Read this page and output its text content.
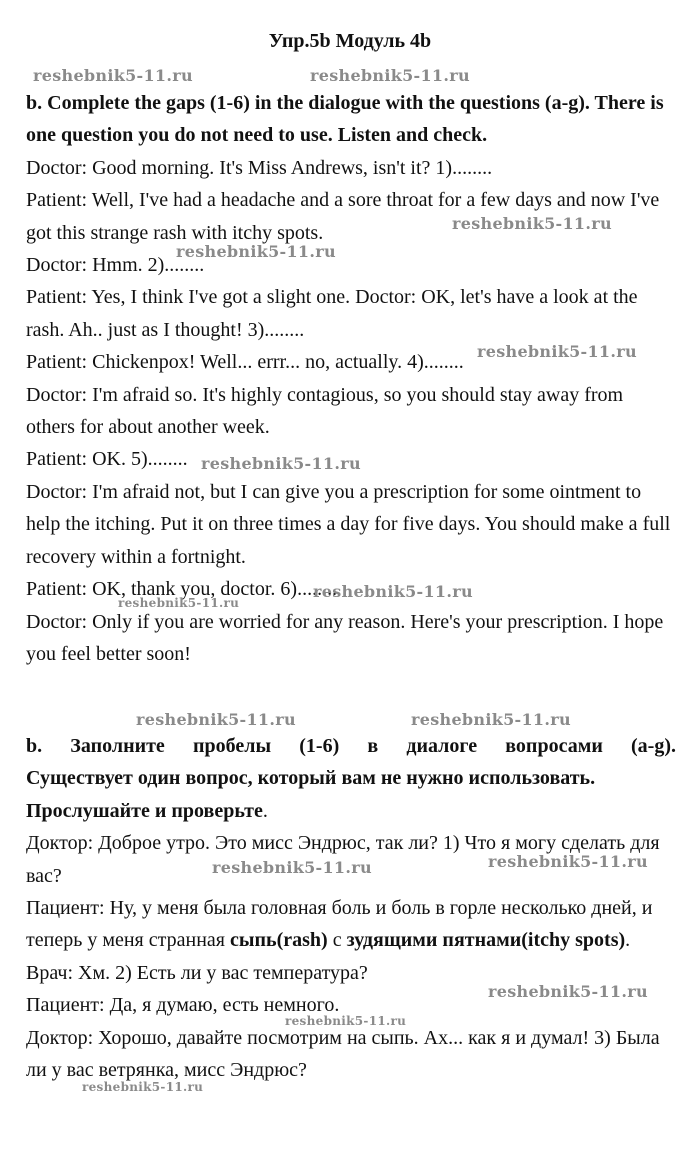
Упр.5b Модуль 4b

b. Complete the gaps (1-6) in the dialogue with the questions (a-g). There is one question you do not need to use. Listen and check.

Doctor: Good morning. It's Miss Andrews, isn't it? 1)........

Patient: Well, I've had a headache and a sore throat for a few days and now I've got this strange rash with itchy spots.

Doctor: Hmm. 2)........

Patient: Yes, I think I've got a slight one. Doctor: OK, let's have a look at the rash. Ah.. just as I thought! 3)........

Patient: Chickenpox! Well... errr... no, actually. 4)........

Doctor: I'm afraid so. It's highly contagious, so you should stay away from others for about another week.

Patient: OK. 5)........

Doctor: I'm afraid not, but I can give you a prescription for some ointment to help the itching. Put it on three times a day for five days. You should make a full recovery within a fortnight.

Patient: OK, thank you, doctor. 6)........

Doctor: Only if you are worried for any reason. Here's your prescription. I hope you feel better soon!

b. Заполните пробелы (1-6) в диалоге вопросами (a-g).

Существует один вопрос, который вам не нужно использовать. Прослушайте и проверьте.

Доктор: Доброе утро. Это мисс Эндрюс, так ли? 1) Что я могу сделать для вас?

Пациент: Ну, у меня была головная боль и боль в горле несколько дней, и теперь у меня странная сыпь(rash) с зудящими пятнами(itchy spots).

Врач: Хм. 2) Есть ли у вас температура?

Пациент: Да, я думаю, есть немного.

Доктор: Хорошо, давайте посмотрим на сыпь. Ах... как я и думал! 3) Была ли у вас ветрянка, мисс Эндрюс?

reshebnik5-11.ru	reshebnik5-11.ru
reshebnik5-11.ru
reshebnik5-11.ru
reshebnik5-11.ru
reshebnik5-11.ru
reshebnik5-11.ru
reshebnik5-11.ru
reshebnik5-11.ru	reshebnik5-11.ru
reshebnik5-11.ru
reshebnik5-11.ru
reshebnik5-11.ru
reshebnik5-11.ru
reshebnik5-11.ru
